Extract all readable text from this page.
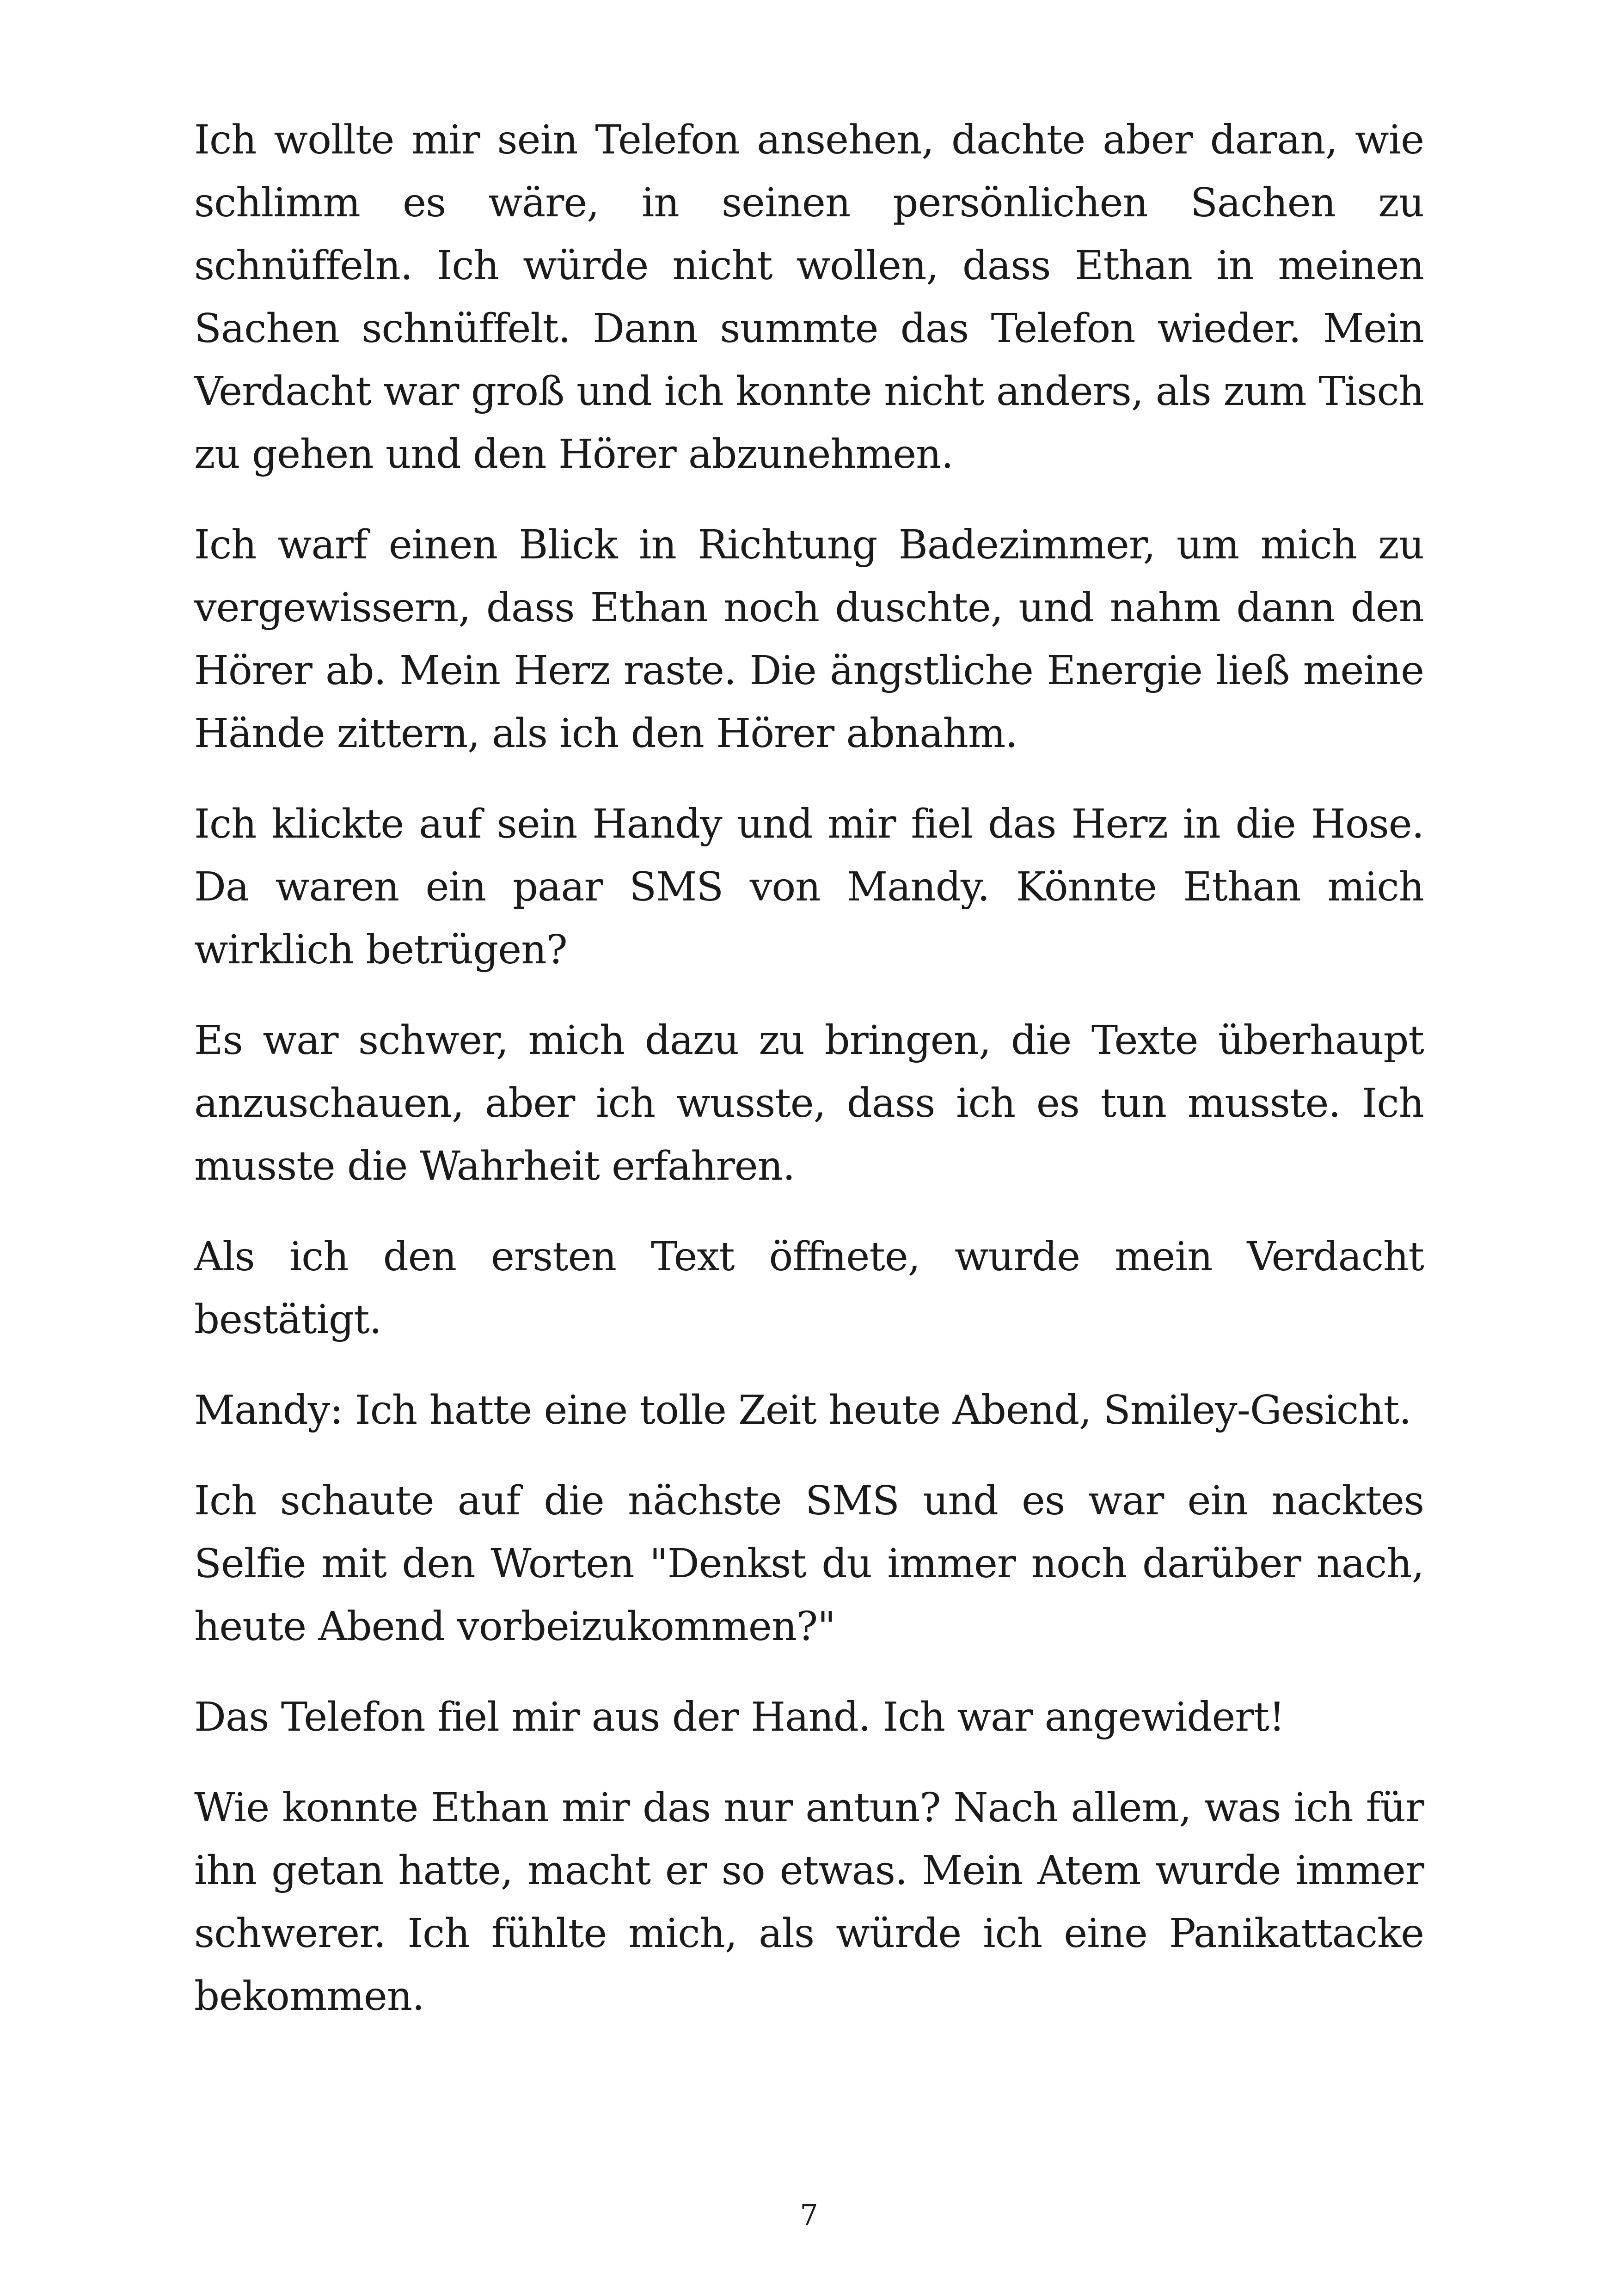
Ich wollte mir sein Telefon ansehen, dachte aber daran, wie schlimm es wäre, in seinen persönlichen Sachen zu schnüffeln. Ich würde nicht wollen, dass Ethan in meinen Sachen schnüffelt. Dann summte das Telefon wieder. Mein Verdacht war groß und ich konnte nicht anders, als zum Tisch zu gehen und den Hörer abzunehmen.

Ich warf einen Blick in Richtung Badezimmer, um mich zu vergewissern, dass Ethan noch duschte, und nahm dann den Hörer ab. Mein Herz raste. Die ängstliche Energie ließ meine Hände zittern, als ich den Hörer abnahm.

Ich klickte auf sein Handy und mir fiel das Herz in die Hose. Da waren ein paar SMS von Mandy. Könnte Ethan mich wirklich betrügen?

Es war schwer, mich dazu zu bringen, die Texte überhaupt anzuschauen, aber ich wusste, dass ich es tun musste. Ich musste die Wahrheit erfahren.

Als ich den ersten Text öffnete, wurde mein Verdacht bestätigt.

Mandy: Ich hatte eine tolle Zeit heute Abend, Smiley-Gesicht.

Ich schaute auf die nächste SMS und es war ein nacktes Selfie mit den Worten "Denkst du immer noch darüber nach, heute Abend vorbeizukommen?"

Das Telefon fiel mir aus der Hand. Ich war angewidert!

Wie konnte Ethan mir das nur antun? Nach allem, was ich für ihn getan hatte, macht er so etwas. Mein Atem wurde immer schwerer. Ich fühlte mich, als würde ich eine Panikattacke bekommen.

7
